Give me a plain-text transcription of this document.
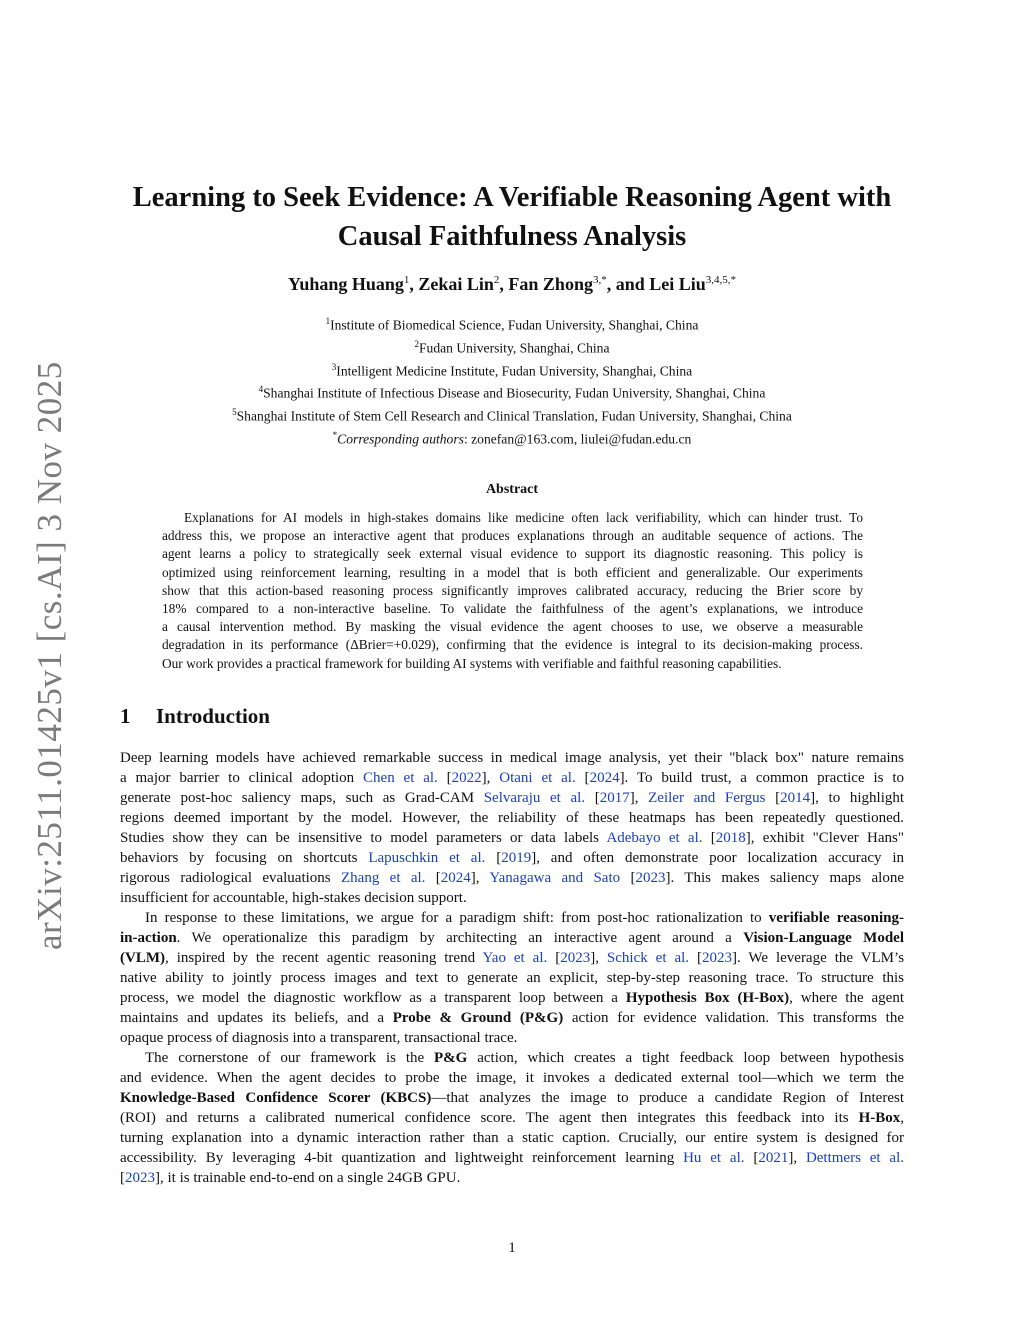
arXiv:2511.01425v1 [cs.AI] 3 Nov 2025
Learning to Seek Evidence: A Verifiable Reasoning Agent with
Causal Faithfulness Analysis
Yuhang Huang$^1$, Zekai Lin$^2$, Fan Zhong$^{3,*}$, and Lei Liu$^{3,4,5,*}$
$^1$Institute of Biomedical Science, Fudan University, Shanghai, China
$^2$Fudan University, Shanghai, China
$^3$Intelligent Medicine Institute, Fudan University, Shanghai, China
$^4$Shanghai Institute of Infectious Disease and Biosecurity, Fudan University, Shanghai, China
$^5$Shanghai Institute of Stem Cell Research and Clinical Translation, Fudan University, Shanghai, China
*Corresponding authors: zonefan@163.com, liulei@fudan.edu.cn
Abstract
Explanations for AI models in high-stakes domains like medicine often lack verifiability, which can hinder trust. To
address this, we propose an interactive agent that produces explanations through an auditable sequence of actions. The
agent learns a policy to strategically seek external visual evidence to support its diagnostic reasoning. This policy is
optimized using reinforcement learning, resulting in a model that is both efficient and generalizable. Our experiments
show that this action-based reasoning process significantly improves calibrated accuracy, reducing the Brier score by
18% compared to a non-interactive baseline. To validate the faithfulness of the agent’s explanations, we introduce
a causal intervention method. By masking the visual evidence the agent chooses to use, we observe a measurable
degradation in its performance (ΔBrier=+0.029), confirming that the evidence is integral to its decision-making process.
Our work provides a practical framework for building AI systems with verifiable and faithful reasoning capabilities.
1 Introduction
Deep learning models have achieved remarkable success in medical image analysis, yet their "black box" nature remains
a major barrier to clinical adoption Chen et al. [2022], Otani et al. [2024]. To build trust, a common practice is to
generate post-hoc saliency maps, such as Grad-CAM Selvaraju et al. [2017], Zeiler and Fergus [2014], to highlight
regions deemed important by the model. However, the reliability of these heatmaps has been repeatedly questioned.
Studies show they can be insensitive to model parameters or data labels Adebayo et al. [2018], exhibit "Clever Hans"
behaviors by focusing on shortcuts Lapuschkin et al. [2019], and often demonstrate poor localization accuracy in
rigorous radiological evaluations Zhang et al. [2024], Yanagawa and Sato [2023]. This makes saliency maps alone
insufficient for accountable, high-stakes decision support.
In response to these limitations, we argue for a paradigm shift: from post-hoc rationalization to verifiable reasoning-
in-action. We operationalize this paradigm by architecting an interactive agent around a Vision-Language Model
(VLM), inspired by the recent agentic reasoning trend Yao et al. [2023], Schick et al. [2023]. We leverage the VLM’s
native ability to jointly process images and text to generate an explicit, step-by-step reasoning trace. To structure this
process, we model the diagnostic workflow as a transparent loop between a Hypothesis Box (H-Box), where the agent
maintains and updates its beliefs, and a Probe & Ground (P&G) action for evidence validation. This transforms the
opaque process of diagnosis into a transparent, transactional trace.
The cornerstone of our framework is the P&G action, which creates a tight feedback loop between hypothesis
and evidence. When the agent decides to probe the image, it invokes a dedicated external tool—which we term the
Knowledge-Based Confidence Scorer (KBCS)—that analyzes the image to produce a candidate Region of Interest
(ROI) and returns a calibrated numerical confidence score. The agent then integrates this feedback into its H-Box,
turning explanation into a dynamic interaction rather than a static caption. Crucially, our entire system is designed for
accessibility. By leveraging 4-bit quantization and lightweight reinforcement learning Hu et al. [2021], Dettmers et al.
[2023], it is trainable end-to-end on a single 24GB GPU.
1
